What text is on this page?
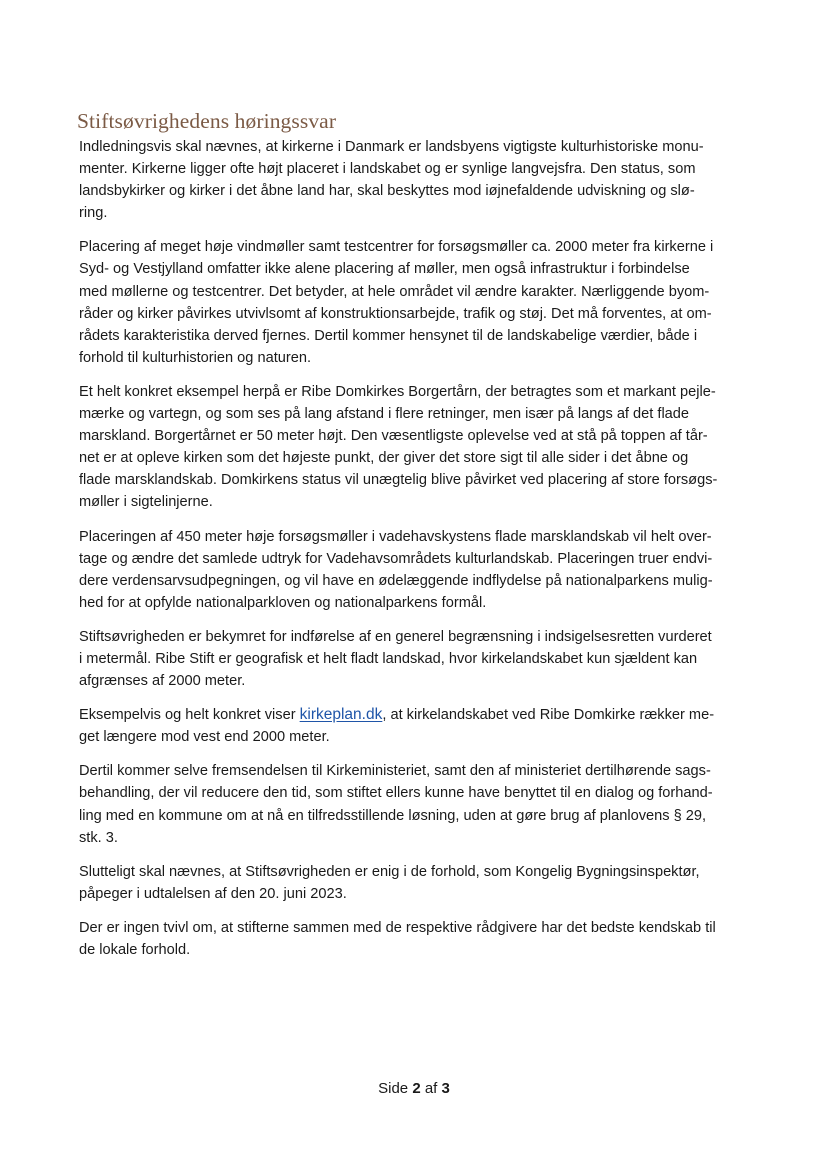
Stiftsøvrighedens høringssvar

Indledningsvis skal nævnes, at kirkerne i Danmark er landsbyens vigtigste kulturhistoriske monu-
menter. Kirkerne ligger ofte højt placeret i landskabet og er synlige langvejsfra. Den status, som
landsbykirker og kirker i det åbne land har, skal beskyttes mod iøjnefaldende udviskning og slø-
ring.

Placering af meget høje vindmøller samt testcentrer for forsøgsmøller ca. 2000 meter fra kirkerne i
Syd- og Vestjylland omfatter ikke alene placering af møller, men også infrastruktur i forbindelse
med møllerne og testcentrer. Det betyder, at hele området vil ændre karakter. Nærliggende byom-
råder og kirker påvirkes utvivlsomt af konstruktionsarbejde, trafik og støj. Det må forventes, at om-
rådets karakteristika derved fjernes. Dertil kommer hensynet til de landskabelige værdier, både i
forhold til kulturhistorien og naturen.

Et helt konkret eksempel herpå er Ribe Domkirkes Borgertårn, der betragtes som et markant pejle-
mærke og vartegn, og som ses på lang afstand i flere retninger, men især på langs af det flade
marskland. Borgertårnet er 50 meter højt. Den væsentligste oplevelse ved at stå på toppen af tår-
net er at opleve kirken som det højeste punkt, der giver det store sigt til alle sider i det åbne og
flade marsklandskab. Domkirkens status vil unægtelig blive påvirket ved placering af store forsøgs-
møller i sigtelinjerne.

Placeringen af 450 meter høje forsøgsmøller i vadehavskystens flade marsklandskab vil helt over-
tage og ændre det samlede udtryk for Vadehavsområdets kulturlandskab. Placeringen truer endvi-
dere verdensarvsudpegningen, og vil have en ødelæggende indflydelse på nationalparkens mulig-
hed for at opfylde nationalparkloven og nationalparkens formål.

Stiftsøvrigheden er bekymret for indførelse af en generel begrænsning i indsigelsesretten vurderet
i metermål. Ribe Stift er geografisk et helt fladt landskad, hvor kirkelandskabet kun sjældent kan
afgrænses af 2000 meter.

Eksempelvis og helt konkret viser kirkeplan.dk, at kirkelandskabet ved Ribe Domkirke rækker me-
get længere mod vest end 2000 meter.

Dertil kommer selve fremsendelsen til Kirkeministeriet, samt den af ministeriet dertilhørende sags-
behandling, der vil reducere den tid, som stiftet ellers kunne have benyttet til en dialog og forhand-
ling med en kommune om at nå en tilfredsstillende løsning, uden at gøre brug af planlovens § 29,
stk. 3.

Slutteligt skal nævnes, at Stiftsøvrigheden er enig i de forhold, som Kongelig Bygningsinspektør,
påpeger i udtalelsen af den 20. juni 2023.

Der er ingen tvivl om, at stifterne sammen med de respektive rådgivere har det bedste kendskab til
de lokale forhold.

Side 2 af 3
